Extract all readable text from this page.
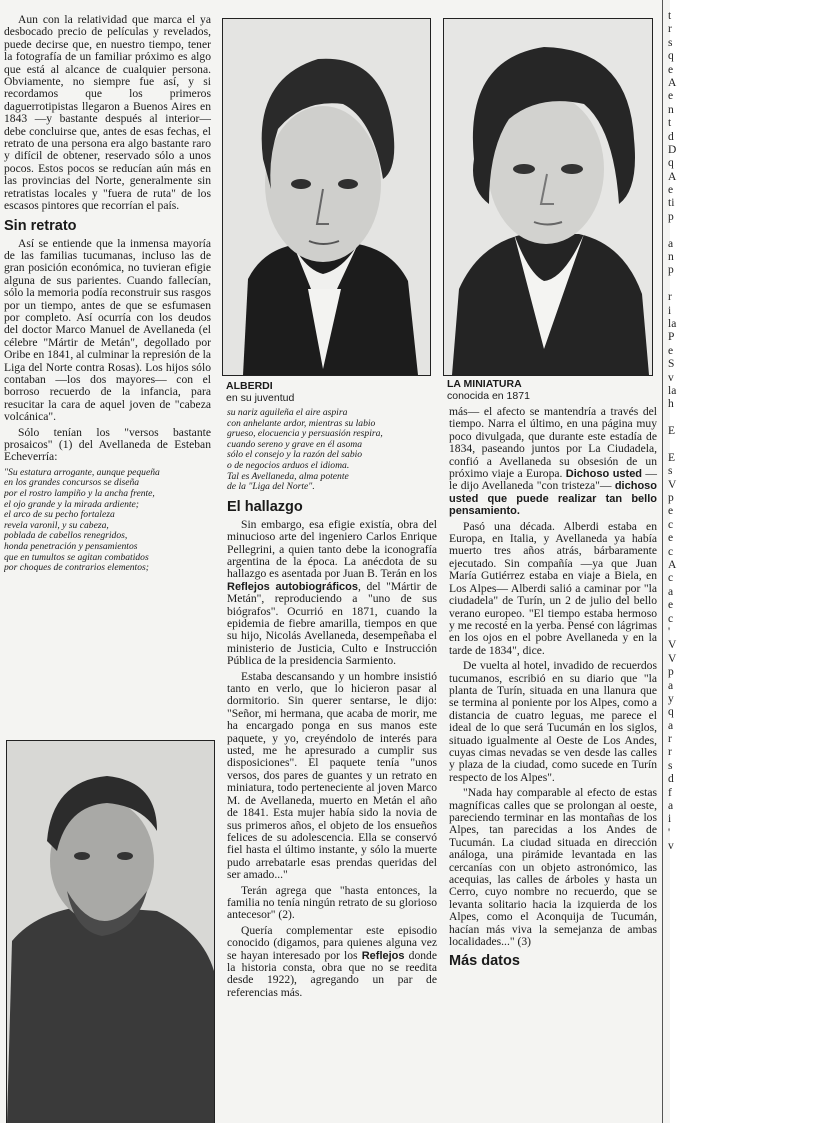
Aun con la relatividad que marca el ya desbocado precio de películas y revelados, puede decirse que, en nuestro tiempo, tener la fotografía de un familiar próximo es algo que está al alcance de cualquier persona. Obviamente, no siempre fue así, y si recordamos que los primeros daguerrotipistas llegaron a Buenos Aires en 1843 —y bastante después al interior— debe concluirse que, antes de esas fechas, el retrato de una persona era algo bastante raro y difícil de obtener, reservado sólo a unos pocos. Estos pocos se reducían aún más en las provincias del Norte, generalmente sin retratistas locales y "fuera de ruta" de los escasos pintores que recorrían el país.

Sin retrato

Así se entiende que la inmensa mayoría de las familias tucumanas, incluso las de gran posición económica, no tuvieran efigie alguna de sus parientes. Cuando fallecían, sólo la memoria podía reconstruir sus rasgos por un tiempo, antes de que se esfumasen por completo. Así ocurría con los deudos del doctor Marco Manuel de Avellaneda (el célebre "Mártir de Metán", degollado por Oribe en 1841, al culminar la represión de la Liga del Norte contra Rosas). Los hijos sólo contaban —los dos mayores— con el borroso recuerdo de la infancia, para resucitar la cara de aquel joven de "cabeza volcánica".

Sólo tenían los "versos bastante prosaicos" (1) del Avellaneda de Esteban Echeverría:

"Su estatura arrogante, aunque pequeña
en los grandes concursos se diseña
por el rostro lampiño y la ancha frente,
el ojo grande y la mirada ardiente;
el arco de su pecho fortaleza
revela varonil, y su cabeza,
poblada de cabellos renegridos,
honda penetración y pensamientos
que en tumultos se agitan combatidos
por choques de contrarios elementos;
ALBERDI
en su juventud
LA MINIATURA
conocida en 1871
su nariz aguileña el aire aspira
con anhelante ardor, mientras su labio
grueso, elocuencia y persuasión respira,
cuando sereno y grave en él asoma
sólo el consejo y la razón del sabio
o de negocios arduos el idioma.
Tal es Avellaneda, alma potente
de la "Liga del Norte".
El hallazgo

Sin embargo, esa efigie existía, obra del minucioso arte del ingeniero Carlos Enrique Pellegrini, a quien tanto debe la iconografía argentina de la época. La anécdota de su hallazgo es asentada por Juan B. Terán en los Reflejos autobiográficos, del "Mártir de Metán", reproduciendo a "uno de sus biógrafos". Ocurrió en 1871, cuando la epidemia de fiebre amarilla, tiempos en que su hijo, Nicolás Avellaneda, desempeñaba el ministerio de Justicia, Culto e Instrucción Pública de la presidencia Sarmiento.

Estaba descansando y un hombre insistió tanto en verlo, que lo hicieron pasar al dormitorio. Sin querer sentarse, le dijo: "Señor, mi hermana, que acaba de morir, me ha encargado ponga en sus manos este paquete, y yo, creyéndolo de interés para usted, me he apresurado a cumplir sus disposiciones". El paquete tenía "unos versos, dos pares de guantes y un retrato en miniatura, todo perteneciente al joven Marco M. de Avellaneda, muerto en Metán el año de 1841. Esta mujer había sido la novia de sus primeros años, el objeto de los ensueños felices de su adolescencia. Ella se conservó fiel hasta el último instante, y sólo la muerte pudo arrebatarle esas prendas queridas del ser amado..."

Terán agrega que "hasta entonces, la familia no tenía ningún retrato de su glorioso antecesor" (2).

Quería complementar este episodio conocido (digamos, para quienes alguna vez se hayan interesado por los Reflejos donde la historia consta, obra que no se reedita desde 1922), agregando un par de referencias más.

más— el afecto se mantendría a través del tiempo. Narra el último, en una página muy poco divulgada, que durante este estadía de 1834, paseando juntos por La Ciudadela, confió a Avellaneda su obsesión de un próximo viaje a Europa. Dichoso usted —le dijo Avellaneda "con tristeza"— dichoso usted que puede realizar tan bello pensamiento.

Pasó una década. Alberdi estaba en Europa, en Italia, y Avellaneda ya había muerto tres años atrás, bárbaramente ejecutado. Sin compañía —ya que Juan María Gutiérrez estaba en viaje a Biela, en Los Alpes— Alberdi salió a caminar por "la ciudadela" de Turín, un 2 de julio del bello verano europeo. "El tiempo estaba hermoso y me recosté en la yerba. Pensé con lágrimas en los ojos en el pobre Avellaneda y en la tarde de 1834", dice.

De vuelta al hotel, invadido de recuerdos tucumanos, escribió en su diario que "la planta de Turín, situada en una llanura que se termina al poniente por los Alpes, como a distancia de cuatro leguas, me parece el ideal de lo que será Tucumán en los siglos, situado igualmente al Oeste de Los Andes, cuyas cimas nevadas se ven desde las calles y plaza de la ciudad, como sucede en Turín respecto de los Alpes".

"Nada hay comparable al efecto de estas magníficas calles que se prolongan al oeste, pareciendo terminar en las montañas de los Alpes, tan parecidas a los Andes de Tucumán. La ciudad situada en dirección análoga, una pirámide levantada en las cercanías con un objeto astronómico, las acequias, las calles de árboles y hasta un Cerro, cuyo nombre no recuerdo, que se levanta solitario hacia la izquierda de los Alpes, como el Aconquija de Tucumán, hacían más viva la semejanza de ambas localidades..." (3)

Más datos
t
r
s
q
e
A
e
n
t
d
D
q
A
e
ti
p
a
n
p
r
i
la
P
e
S
v
la
h
E
E
s
V
p
e
c
e
c
A
c
a
e
c
'
V
V
p
a
y
q
a
r
r
s
d
f
a
i
'
v
